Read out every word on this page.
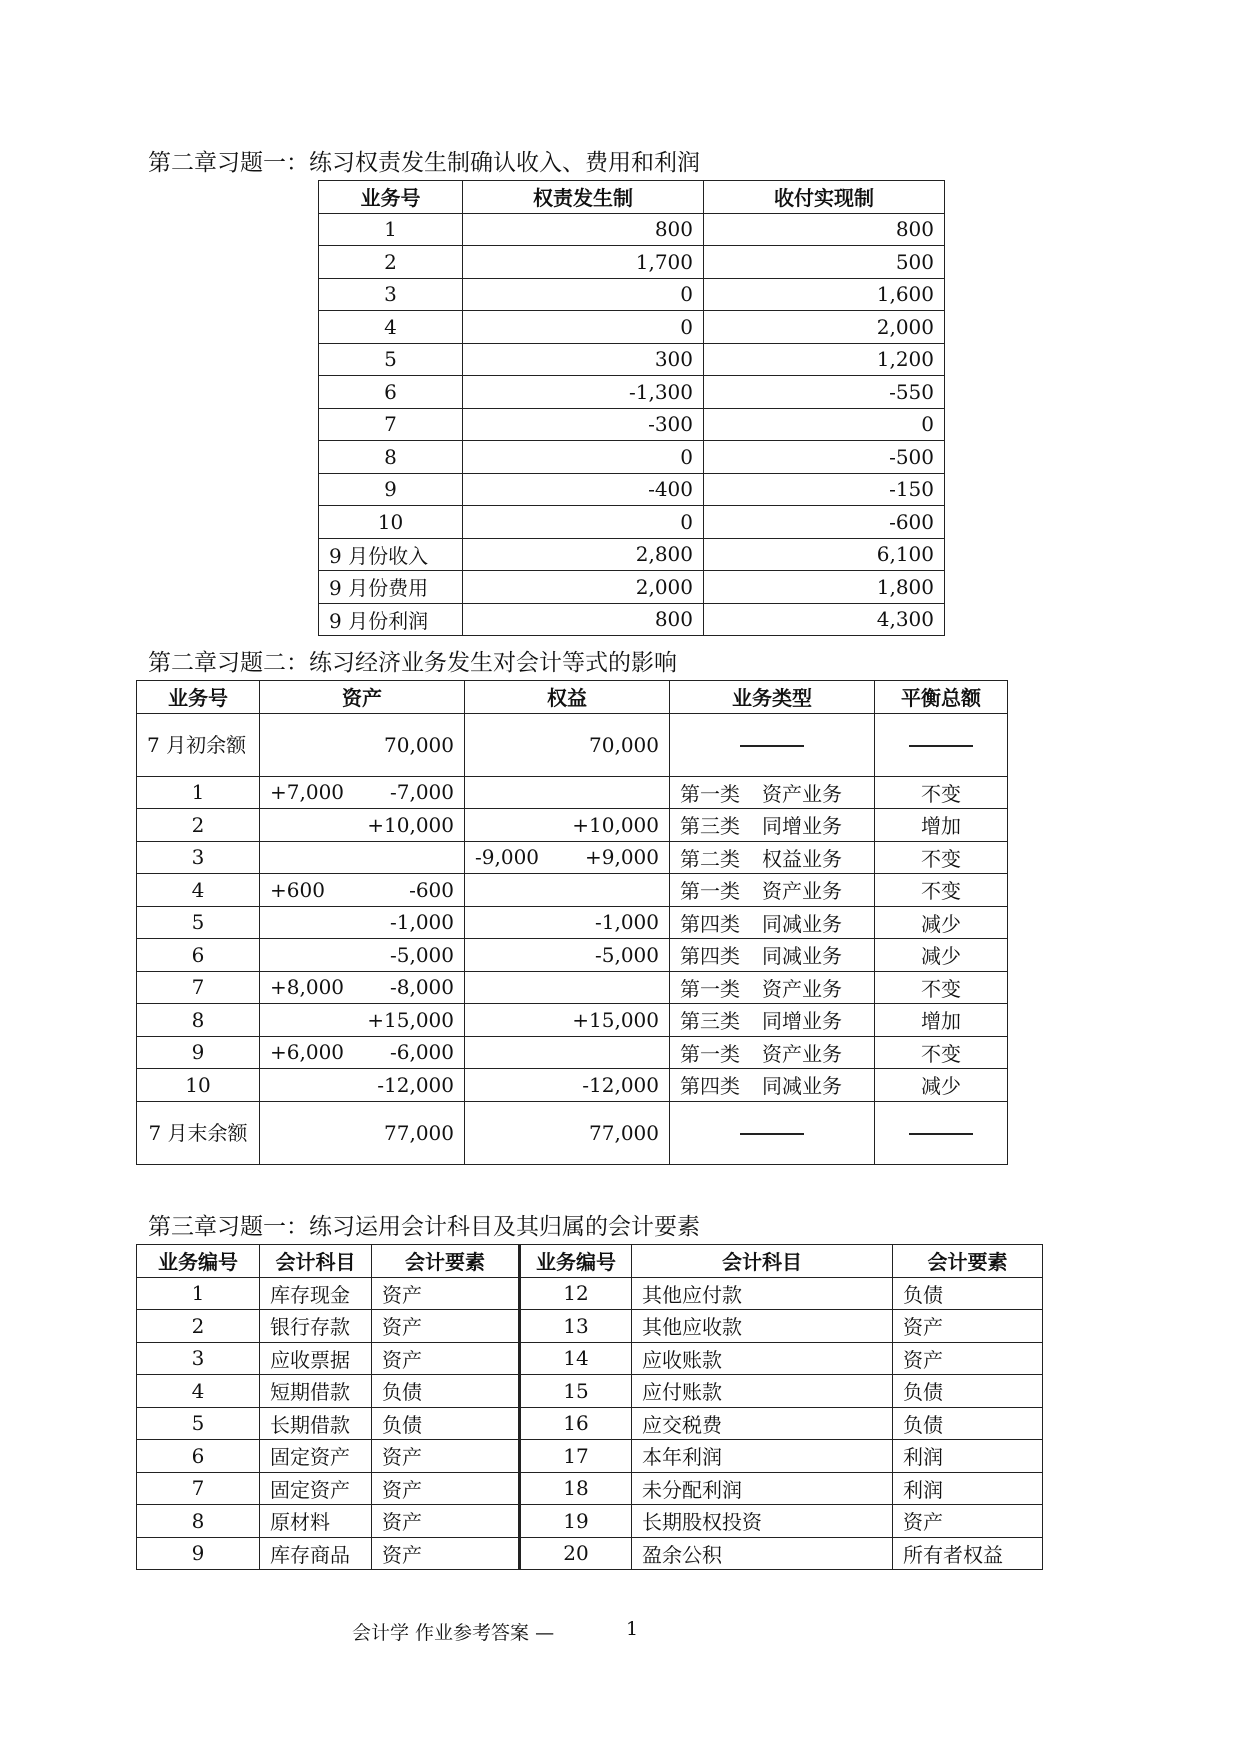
第二章习题一：练习权责发生制确认收入、费用和利润
业务号	权责发生制	收付实现制
1	800	800
2	1,700	500
3	0	1,600
4	0	2,000
5	300	1,200
6	-1,300	-550
7	-300	0
8	0	-500
9	-400	-150
10	0	-600
9 月份收入	2,800	6,100
9 月份费用	2,000	1,800
9 月份利润	800	4,300
第二章习题二：练习经济业务发生对会计等式的影响
业务号	资产	权益	业务类型	平衡总额
7 月初余额	70,000	70,000		
1	+7,000 -7,000		第一类 资产业务	不变
2	+10,000	+10,000	第三类 同增业务	增加
3		-9,000 +9,000	第二类 权益业务	不变
4	+600 -600		第一类 资产业务	不变
5	-1,000	-1,000	第四类 同减业务	减少
6	-5,000	-5,000	第四类 同减业务	减少
7	+8,000 -8,000		第一类 资产业务	不变
8	+15,000	+15,000	第三类 同增业务	增加
9	+6,000 -6,000		第一类 资产业务	不变
10	-12,000	-12,000	第四类 同减业务	减少
7 月末余额	77,000	77,000		
第三章习题一：练习运用会计科目及其归属的会计要素
业务编号	会计科目	会计要素	业务编号	会计科目	会计要素
1	库存现金	资产	12	其他应付款	负债
2	银行存款	资产	13	其他应收款	资产
3	应收票据	资产	14	应收账款	资产
4	短期借款	负债	15	应付账款	负债
5	长期借款	负债	16	应交税费	负债
6	固定资产	资产	17	本年利润	利润
7	固定资产	资产	18	未分配利润	利润
8	原材料	资产	19	长期股权投资	资产
9	库存商品	资产	20	盈余公积	所有者权益
会计学 作业参考答案 —	1
